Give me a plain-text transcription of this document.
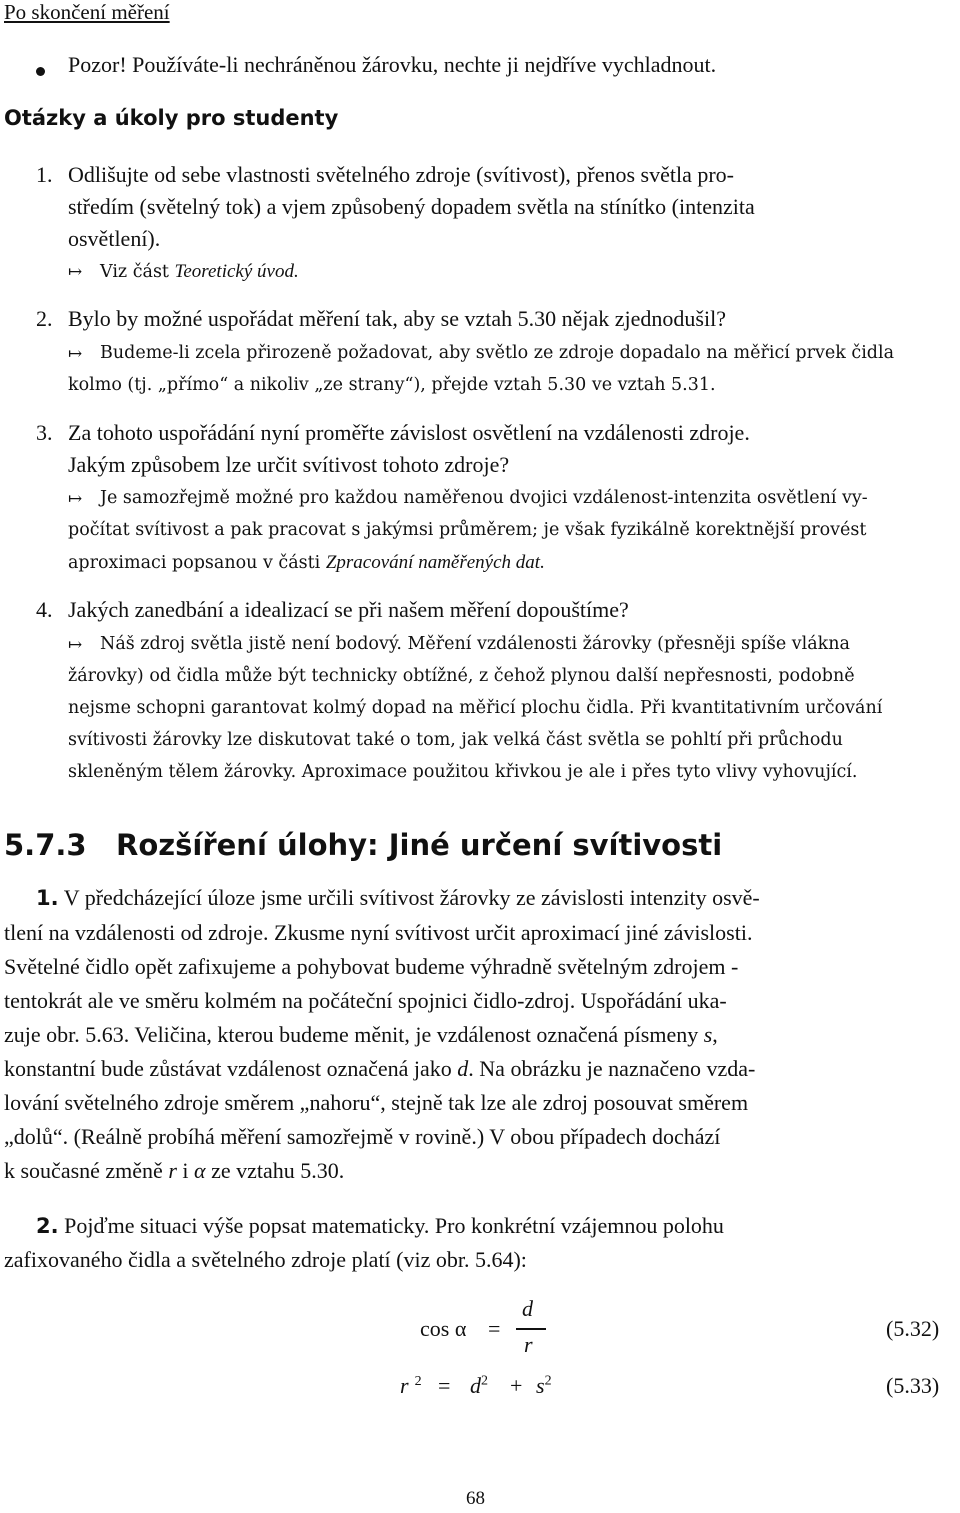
Po skončení měření
Pozor! Používáte-li nechráněnou žárovku, nechte ji nejdříve vychladnout.
Otázky a úkoly pro studenty
1. Odlišujte od sebe vlastnosti světelného zdroje (svítivost), přenos světla pro-
středím (světelný tok) a vjem způsobený dopadem světla na stínítko (intenzita
osvětlení).
↦ Viz část Teoretický úvod.
2. Bylo by možné uspořádat měření tak, aby se vztah 5.30 nějak zjednodušil?
↦ Budeme-li zcela přirozeně požadovat, aby světlo ze zdroje dopadalo na měřicí prvek čidla
kolmo (tj. „přímo“ a nikoliv „ze strany“), přejde vztah 5.30 ve vztah 5.31.
3. Za tohoto uspořádání nyní proměřte závislost osvětlení na vzdálenosti zdroje.
Jakým způsobem lze určit svítivost tohoto zdroje?
↦ Je samozřejmě možné pro každou naměřenou dvojici vzdálenost-intenzita osvětlení vy-
počítat svítivost a pak pracovat s jakýmsi průměrem; je však fyzikálně korektnější provést
aproximaci popsanou v části Zpracování naměřených dat.
4. Jakých zanedbání a idealizací se při našem měření dopouštíme?
↦ Náš zdroj světla jistě není bodový. Měření vzdálenosti žárovky (přesněji spíše vlákna
žárovky) od čidla může být technicky obtížné, z čehož plynou další nepřesnosti, podobně
nejsme schopni garantovat kolmý dopad na měřicí plochu čidla. Při kvantitativním určování
svítivosti žárovky lze diskutovat také o tom, jak velká část světla se pohltí při průchodu
skleněným tělem žárovky. Aproximace použitou křivkou je ale i přes tyto vlivy vyhovující.
5.7.3 Rozšíření úlohy: Jiné určení svítivosti
1. V předcházející úloze jsme určili svítivost žárovky ze závislosti intenzity osvě-
tlení na vzdálenosti od zdroje. Zkusme nyní svítivost určit aproximací jiné závislosti.
Světelné čidlo opět zafixujeme a pohybovat budeme výhradně světelným zdrojem -
tentokrát ale ve směru kolmém na počáteční spojnici čidlo-zdroj. Uspořádání uka-
zuje obr. 5.63. Veličina, kterou budeme měnit, je vzdálenost označená písmeny s,
konstantní bude zůstávat vzdálenost označená jako d. Na obrázku je naznačeno vzda-
lování světelného zdroje směrem „nahoru“, stejně tak lze ale zdroj posouvat směrem
„dolů“. (Reálně probíhá měření samozřejmě v rovině.) V obou případech dochází
k současné změně r i α ze vztahu 5.30.
2. Pojďme situaci výše popsat matematicky. Pro konkrétní vzájemnou polohu
zafixovaného čidla a světelného zdroje platí (viz obr. 5.64):
cos α =
d
r
(5.32)
r $^2 = d^2 + s^2$	(5.33)
68
